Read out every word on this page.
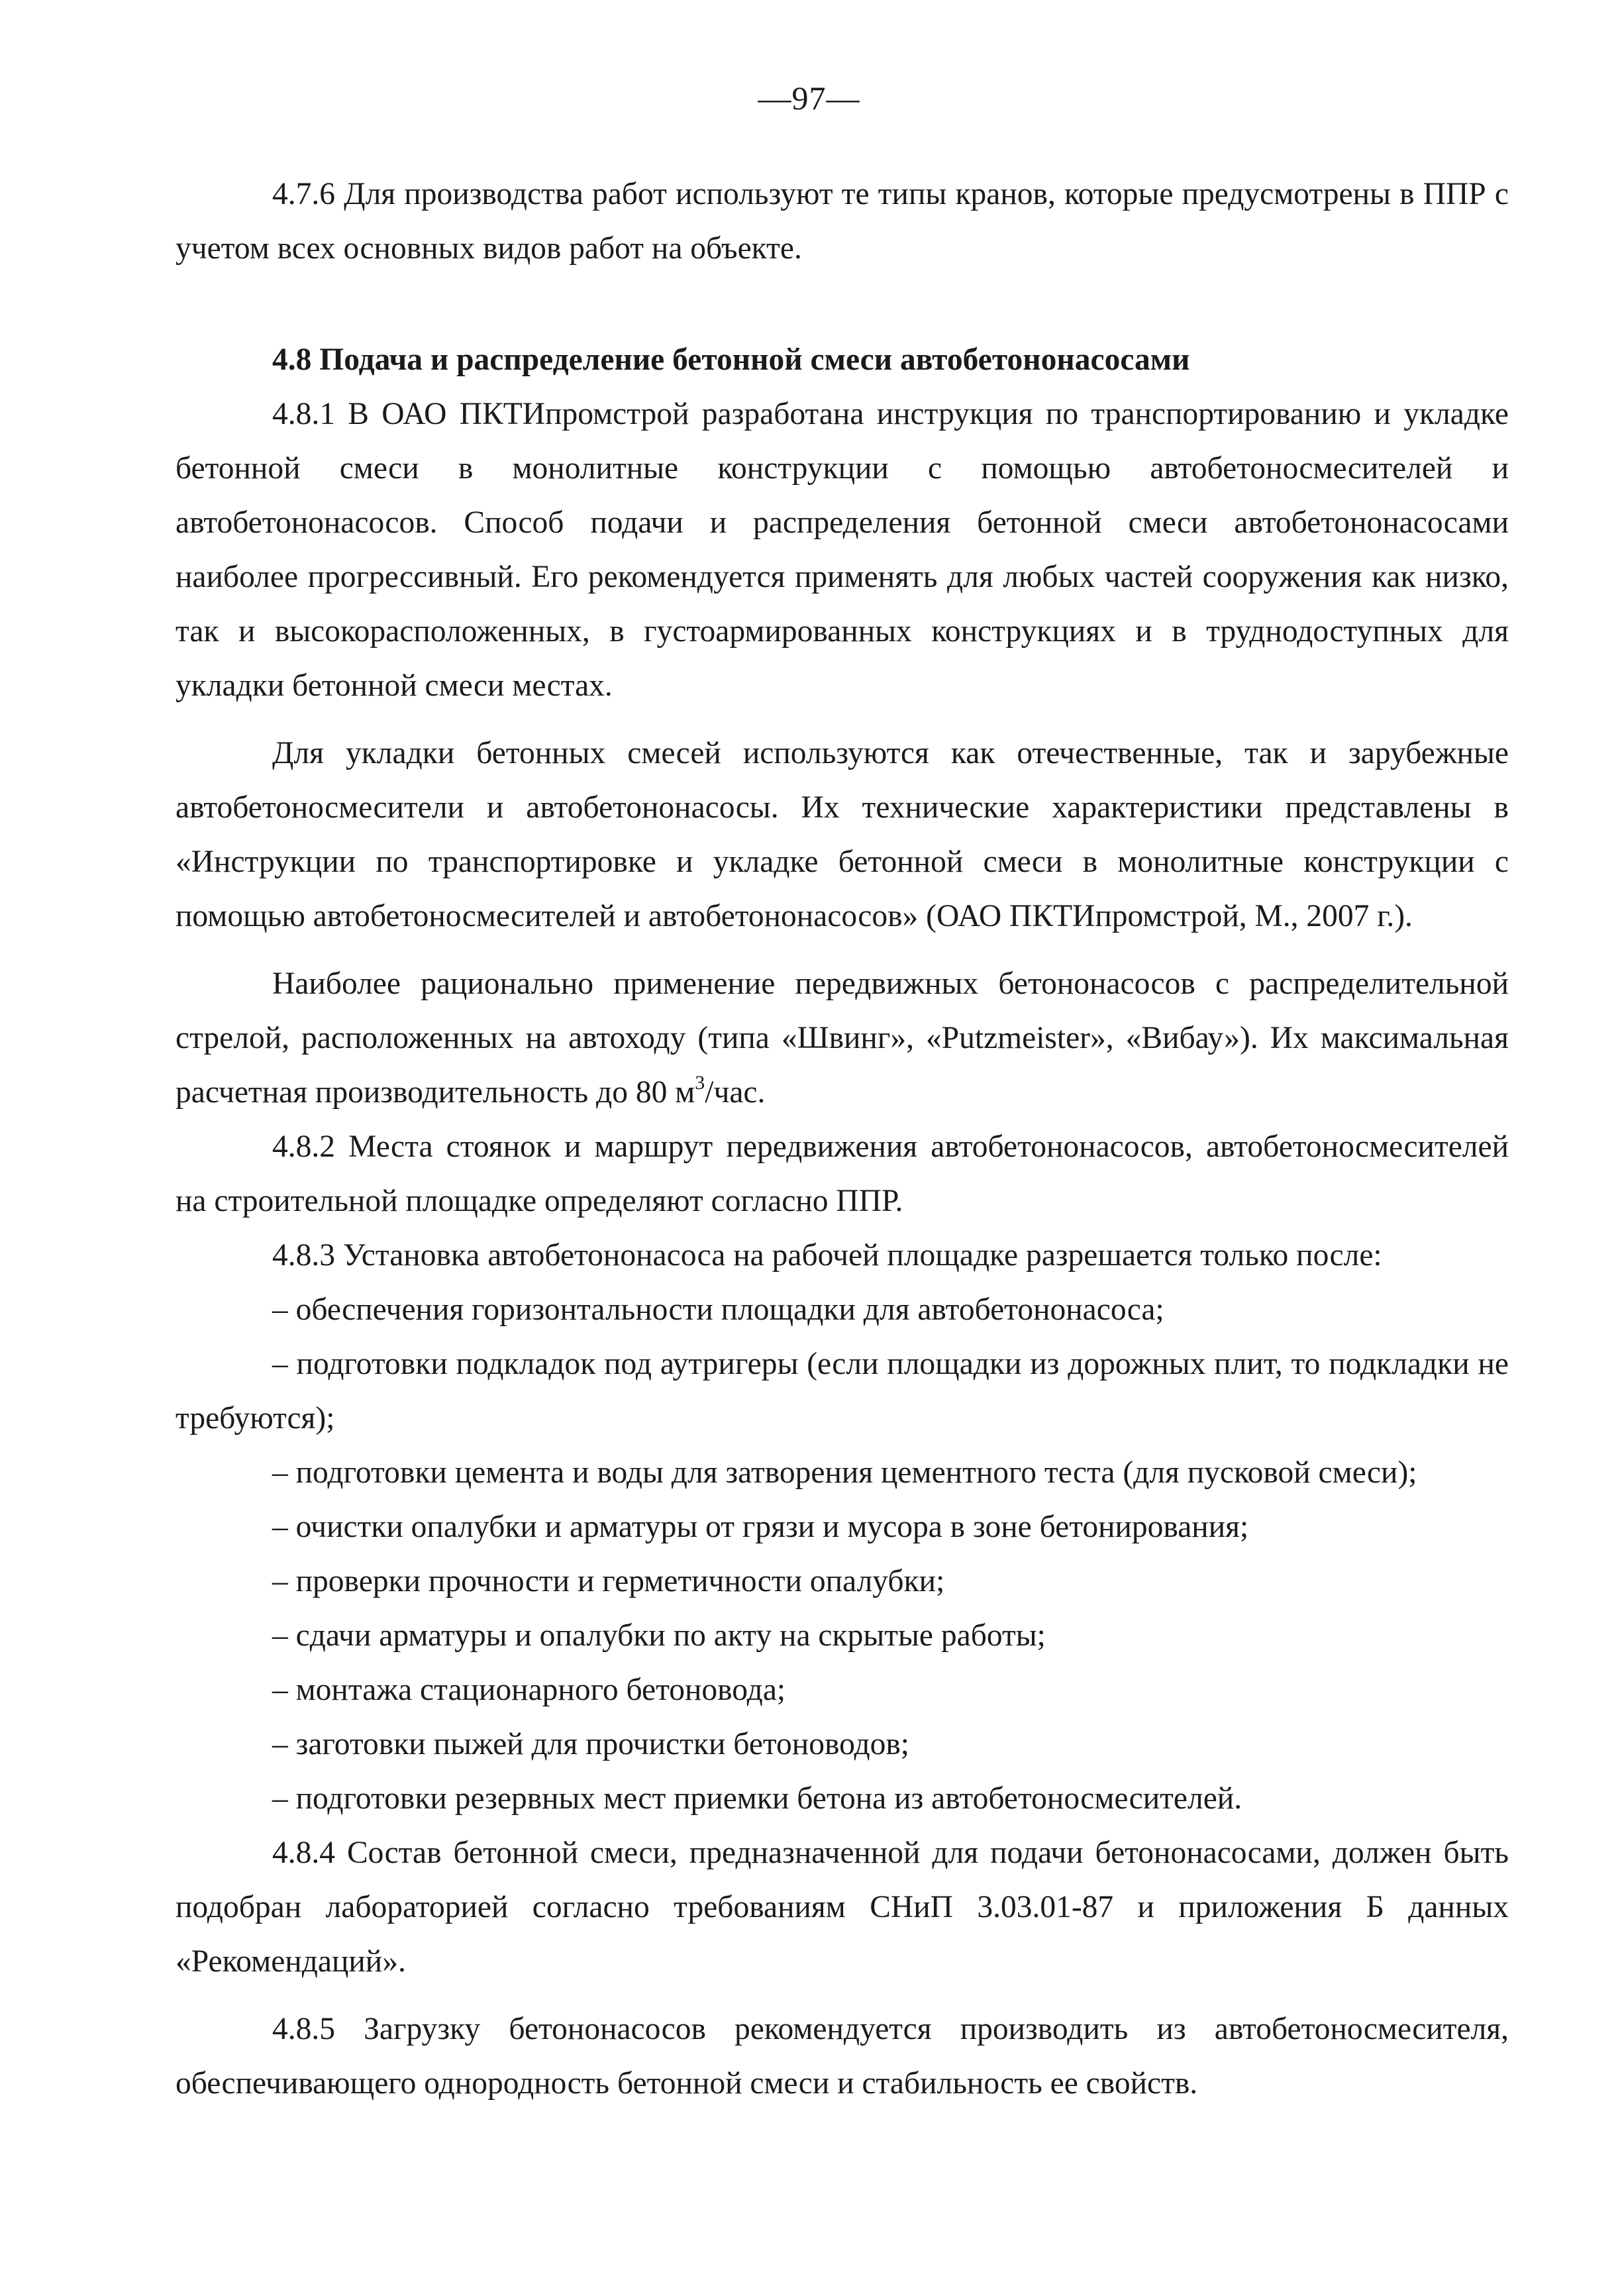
—97—

4.7.6 Для производства работ используют те типы кранов, которые предусмотрены в ППР с учетом всех основных видов работ на объекте.

4.8 Подача и распределение бетонной смеси автобетононасосами

4.8.1 В ОАО ПКТИпромстрой разработана инструкция по транспортированию и укладке бетонной смеси в монолитные конструкции с помощью автобетоносмесителей и автобетононасосов. Способ подачи и распределения бетонной смеси автобетононасосами наиболее прогрессивный. Его рекомендуется применять для любых частей сооружения как низко, так и высокорасположенных, в густоармированных конструкциях и в труднодоступных для укладки бетонной смеси местах.

Для укладки бетонных смесей используются как отечественные, так и зарубежные автобетоносмесители и автобетононасосы. Их технические характеристики представлены в «Инструкции по транспортировке и укладке бетонной смеси в монолитные конструкции с помощью автобетоносмесителей и автобетононасосов» (ОАО ПКТИпромстрой, М., 2007 г.).

Наиболее рационально применение передвижных бетононасосов с распределительной стрелой, расположенных на автоходу (типа «Швинг», «Putzmeister», «Вибау»). Их максимальная расчетная производительность до 80 $м^3$/час.

4.8.2 Места стоянок и маршрут передвижения автобетононасосов, автобетоносмесителей на строительной площадке определяют согласно ППР.

4.8.3 Установка автобетононасоса на рабочей площадке разрешается только после:

– обеспечения горизонтальности площадки для автобетононасоса;

– подготовки подкладок под аутригеры (если площадки из дорожных плит, то подкладки не требуются);

– подготовки цемента и воды для затворения цементного теста (для пусковой смеси);

– очистки опалубки и арматуры от грязи и мусора в зоне бетонирования;

– проверки прочности и герметичности опалубки;

– сдачи арматуры и опалубки по акту на скрытые работы;

– монтажа стационарного бетоновода;

– заготовки пыжей для прочистки бетоноводов;

– подготовки резервных мест приемки бетона из автобетоносмесителей.

4.8.4 Состав бетонной смеси, предназначенной для подачи бетононасосами, должен быть подобран лабораторией согласно требованиям СНиП 3.03.01-87 и приложения Б данных «Рекомендаций».

4.8.5 Загрузку бетононасосов рекомендуется производить из автобетоносмесителя, обеспечивающего однородность бетонной смеси и стабильность ее свойств.
